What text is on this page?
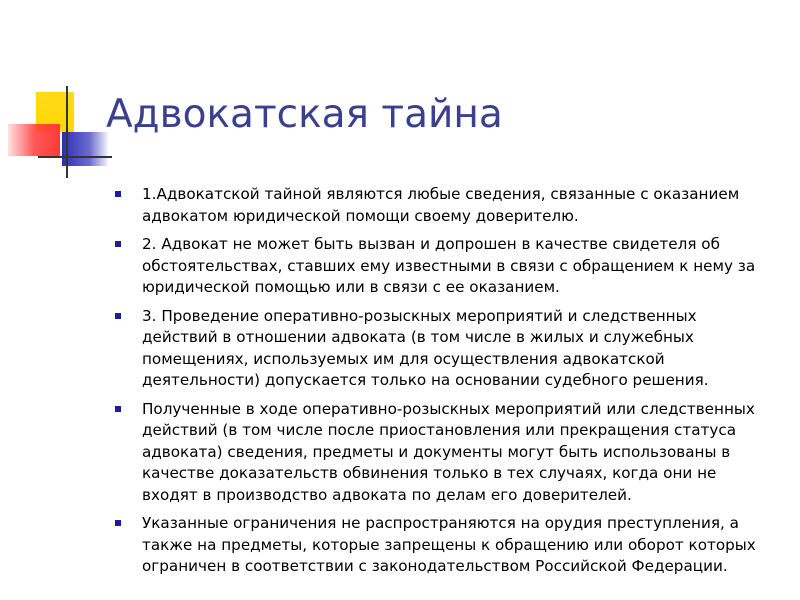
Адвокатская тайна
1.Адвокатской тайной являются любые сведения, связанные с оказанием адвокатом юридической помощи своему доверителю.
2. Адвокат не может быть вызван и допрошен в качестве свидетеля об обстоятельствах, ставших ему известными в связи с обращением к нему за юридической помощью или в связи с ее оказанием.
3. Проведение оперативно-розыскных мероприятий и следственных действий в отношении адвоката (в том числе в жилых и служебных помещениях, используемых им для осуществления адвокатской деятельности) допускается только на основании судебного решения.
Полученные в ходе оперативно-розыскных мероприятий или следственных действий (в том числе после приостановления или прекращения статуса адвоката) сведения, предметы и документы могут быть использованы в качестве доказательств обвинения только в тех случаях, когда они не входят в производство адвоката по делам его доверителей.
Указанные ограничения не распространяются на орудия преступления, а также на предметы, которые запрещены к обращению или оборот которых ограничен в соответствии с законодательством Российской Федерации.
